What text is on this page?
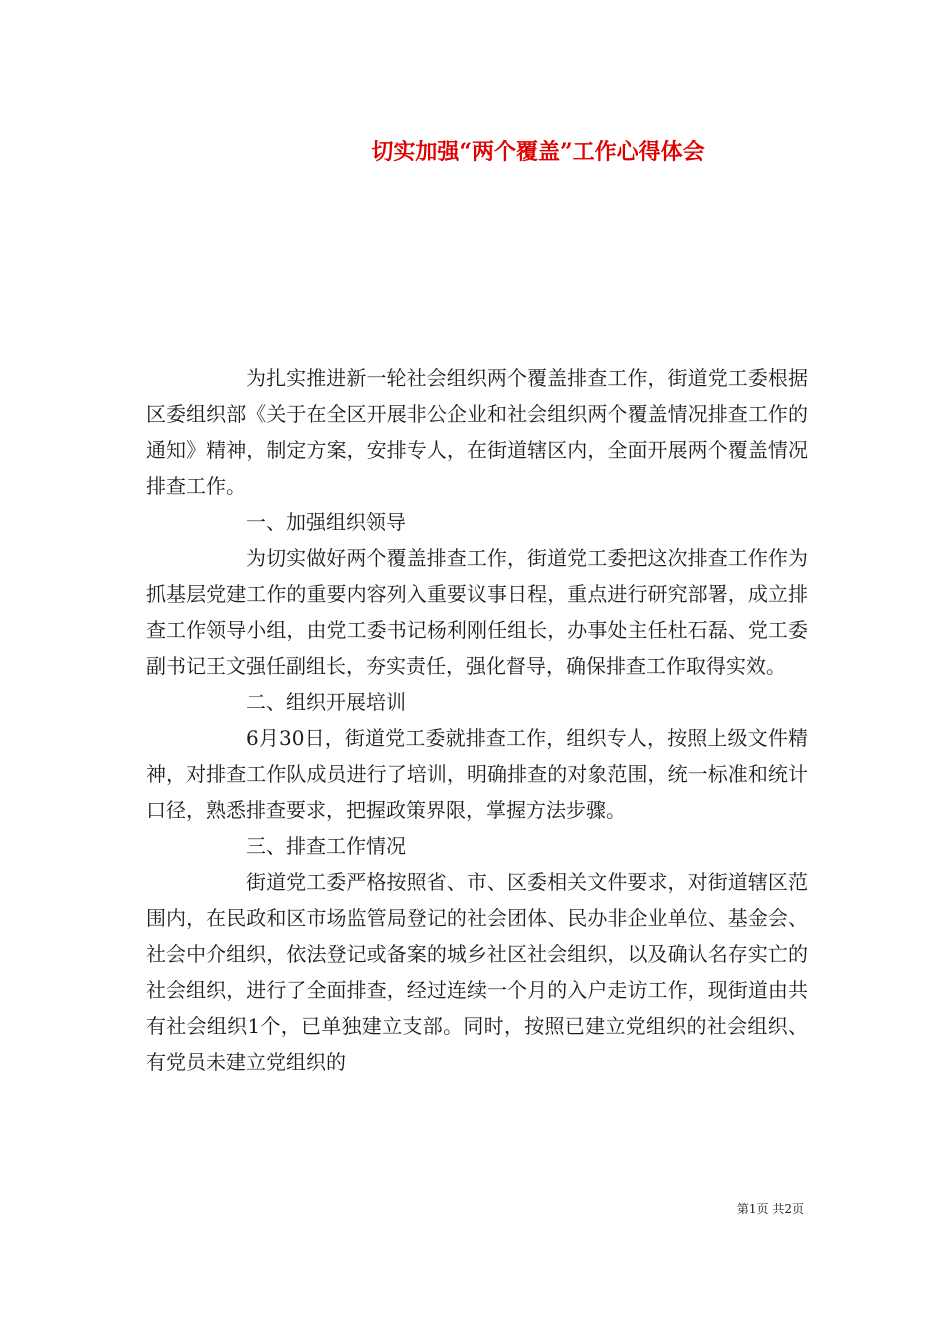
切实加强“两个覆盖”工作心得体会

为扎实推进新一轮社会组织两个覆盖排查工作，街道党工委根据区委组织部《关于在全区开展非公企业和社会组织两个覆盖情况排查工作的通知》精神，制定方案，安排专人，在街道辖区内，全面开展两个覆盖情况排查工作。

一、加强组织领导

为切实做好两个覆盖排查工作，街道党工委把这次排查工作作为抓基层党建工作的重要内容列入重要议事日程，重点进行研究部署，成立排查工作领导小组，由党工委书记杨利刚任组长，办事处主任杜石磊、党工委副书记王文强任副组长，夯实责任，强化督导，确保排查工作取得实效。

二、组织开展培训

6月30日，街道党工委就排查工作，组织专人，按照上级文件精神，对排查工作队成员进行了培训，明确排查的对象范围，统一标准和统计口径，熟悉排查要求，把握政策界限，掌握方法步骤。

三、排查工作情况

街道党工委严格按照省、市、区委相关文件要求，对街道辖区范围内，在民政和区市场监管局登记的社会团体、民办非企业单位、基金会、社会中介组织，依法登记或备案的城乡社区社会组织，以及确认名存实亡的社会组织，进行了全面排查，经过连续一个月的入户走访工作，现街道由共有社会组织1个，已单独建立支部。同时，按照已建立党组织的社会组织、有党员未建立党组织的

第1页 共2页
